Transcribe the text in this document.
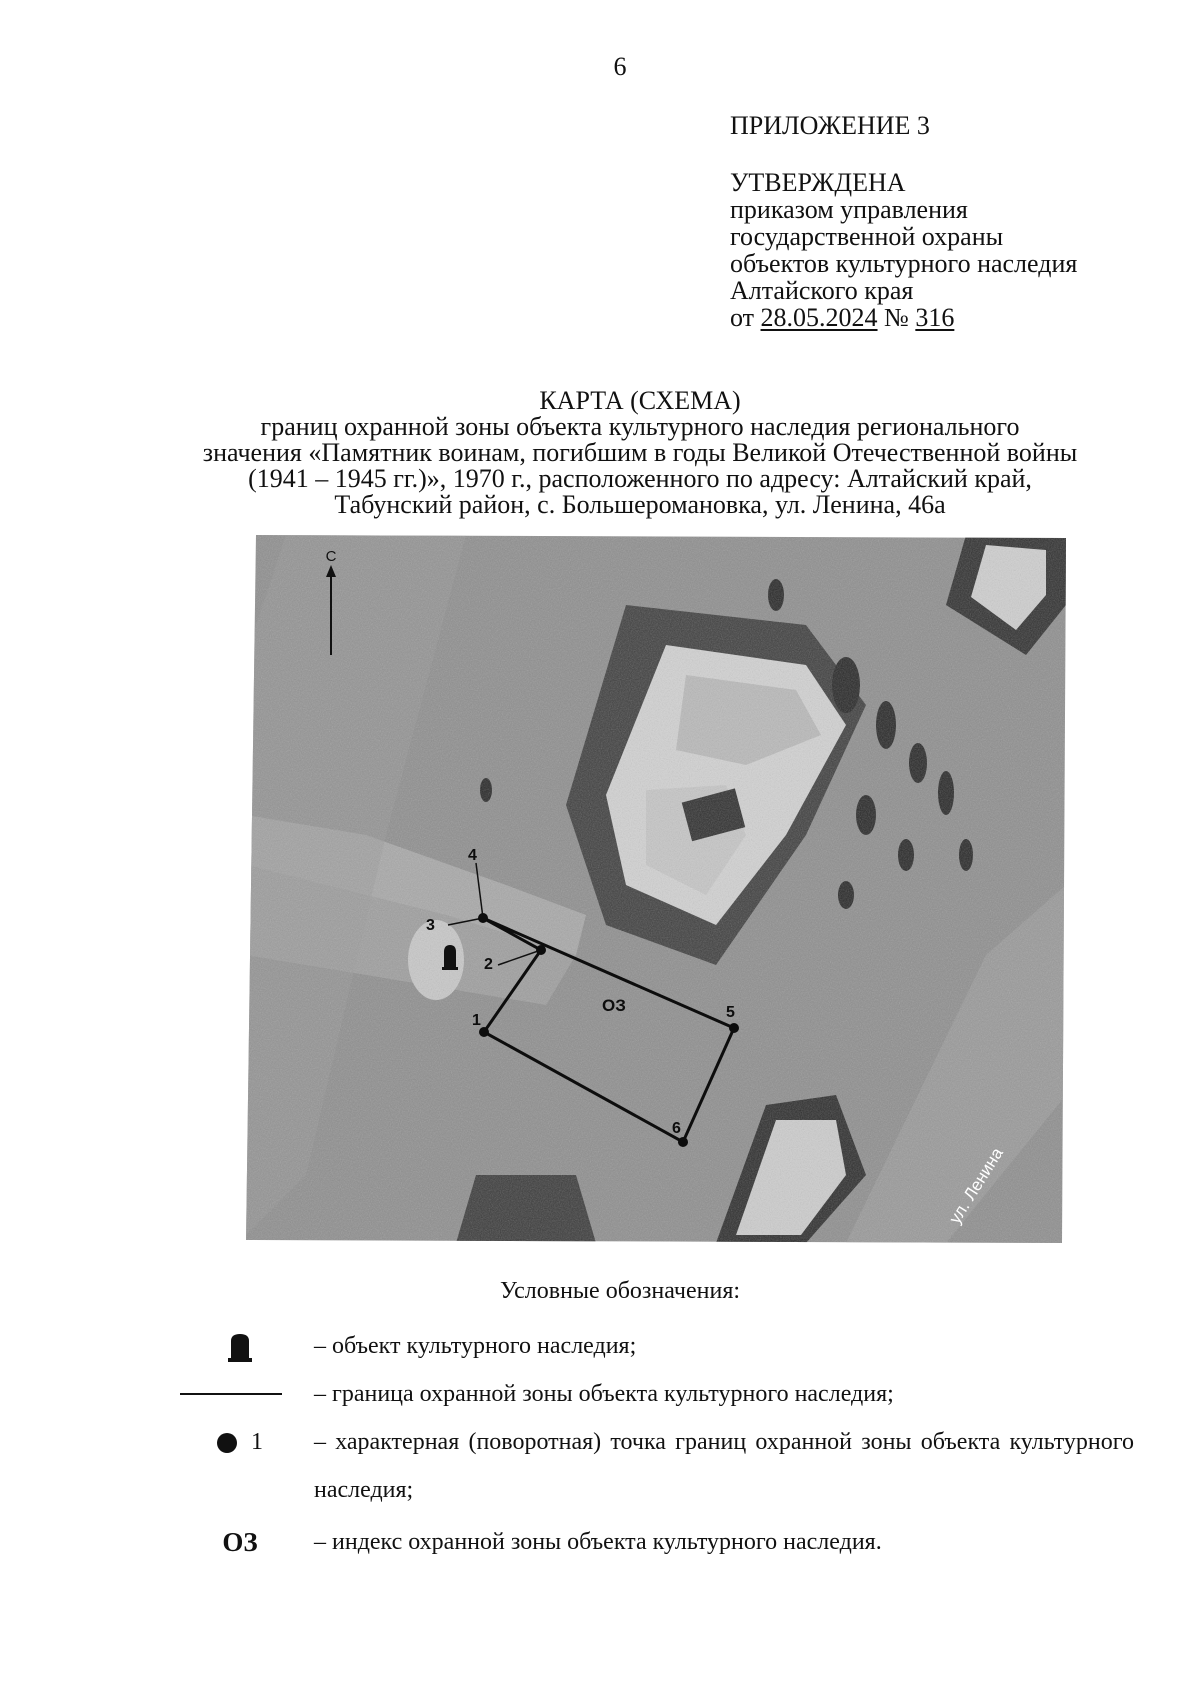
6
ПРИЛОЖЕНИЕ 3
УТВЕРЖДЕНА
приказом управления
государственной охраны
объектов культурного наследия
Алтайского края
от 28.05.2024 № 316
КАРТА (СХЕМА)
границ охранной зоны объекта культурного наследия регионального
значения «Памятник воинам, погибшим в годы Великой Отечественной войны
(1941 – 1945 гг.)», 1970 г., расположенного по адресу: Алтайский край,
Табунский район, с. Большеромановка, ул. Ленина, 46а
С
1
2
3
4
5
6
ОЗ
ул. Ленина
Условные обозначения:
– объект культурного наследия;
– граница охранной зоны объекта культурного наследия;
1	– характерная (поворотная) точка границ охранной зоны объекта культурного наследия;
ОЗ	– индекс охранной зоны объекта культурного наследия.
